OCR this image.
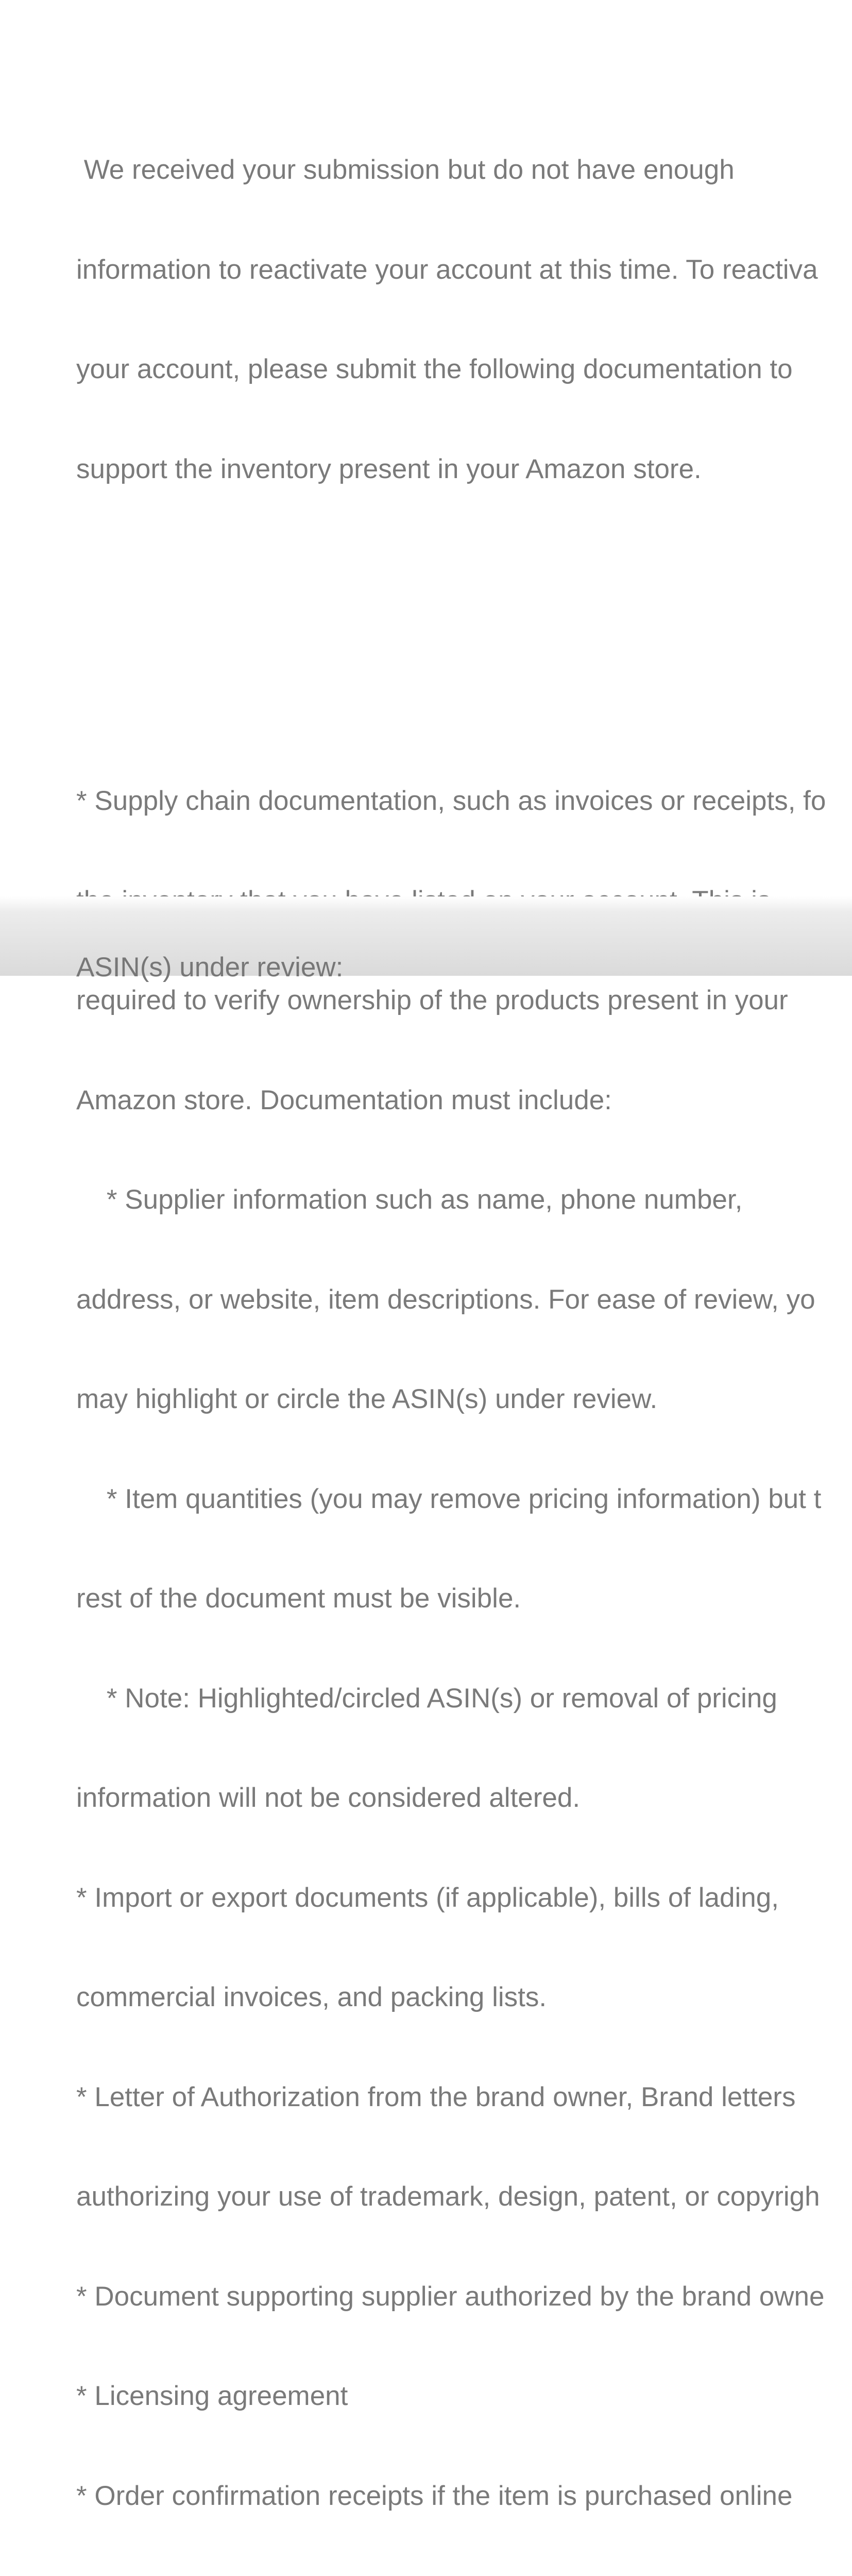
We received your submission but do not have enough

information to reactivate your account at this time. To reactiva

your account, please submit the following documentation to

support the inventory present in your Amazon store.

* Supply chain documentation, such as invoices or receipts, fo

required to verify ownership of the products present in your

Amazon store. Documentation must include:

* Supplier information such as name, phone number,

address, or website, item descriptions. For ease of review, yo

may highlight or circle the ASIN(s) under review.

* Item quantities (you may remove pricing information) but t

rest of the document must be visible.

* Note: Highlighted/circled ASIN(s) or removal of pricing

information will not be considered altered.

* Import or export documents (if applicable), bills of lading,

commercial invoices, and packing lists.

* Letter of Authorization from the brand owner, Brand letters

authorizing your use of trademark, design, patent, or copyrigh

* Document supporting supplier authorized by the brand owne

* Licensing agreement

* Order confirmation receipts if the item is purchased online

ASIN(s) under review:
